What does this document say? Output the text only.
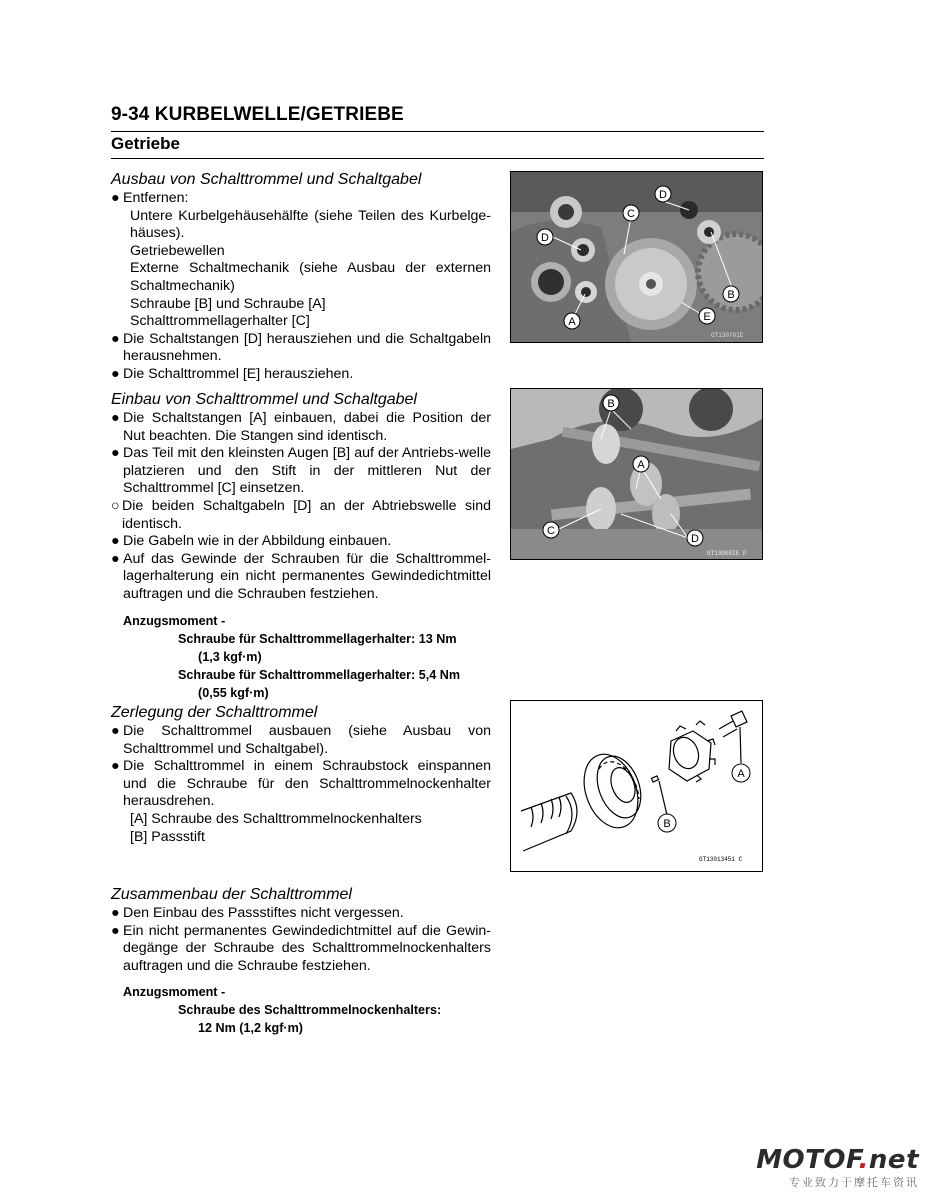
9-34 KURBELWELLE/GETRIEBE
Getriebe
Ausbau von Schalttrommel und Schaltgabel
● Entfernen:
Untere Kurbelgehäusehälfte (siehe Teilen des Kurbelge-häuses).
Getriebewellen
Externe Schaltmechanik (siehe Ausbau der externen Schaltmechanik)
Schraube [B] und Schraube [A]
Schalttrommellagerhalter [C]
● Die Schaltstangen [D] herausziehen und die Schaltgabeln herausnehmen.
● Die Schalttrommel [E] herausziehen.
Einbau von Schalttrommel und Schaltgabel
● Die Schaltstangen [A] einbauen, dabei die Position der Nut beachten. Die Stangen sind identisch.
● Das Teil mit den kleinsten Augen [B] auf der Antriebs-welle platzieren und den Stift in der mittleren Nut der Schalttrommel [C] einsetzen.
○ Die beiden Schaltgabeln [D] an der Abtriebswelle sind identisch.
● Die Gabeln wie in der Abbildung einbauen.
● Auf das Gewinde der Schrauben für die Schalttrommel-lagerhalterung ein nicht permanentes Gewindedichtmittel auftragen und die Schrauben festziehen.
Anzugsmoment -
Schraube für Schalttrommellagerhalter: 13 Nm
(1,3 kgf·m)
Schraube für Schalttrommellagerhalter: 5,4 Nm
(0,55 kgf·m)
Zerlegung der Schalttrommel
● Die Schalttrommel ausbauen (siehe Ausbau von Schalttrommel und Schaltgabel).
● Die Schalttrommel in einem Schraubstock einspannen und die Schraube für den Schalttrommelnockenhalter herausdrehen.
[A] Schraube des Schalttrommelnockenhalters
[B] Passstift
Zusammenbau der Schalttrommel
● Den Einbau des Passstiftes nicht vergessen.
● Ein nicht permanentes Gewindedichtmittel auf die Gewin-degänge der Schraube des Schalttrommelnockenhalters auftragen und die Schraube festziehen.
Anzugsmoment -
Schraube des Schalttrommelnockenhalters:
12 Nm (1,2 kgf·m)
D
C
D
B
A	E
GT13070IE
B
A
C
D
GT13008IE P
A
B
GT13013451 C
MOTOF.net
专业致力于摩托车资讯
